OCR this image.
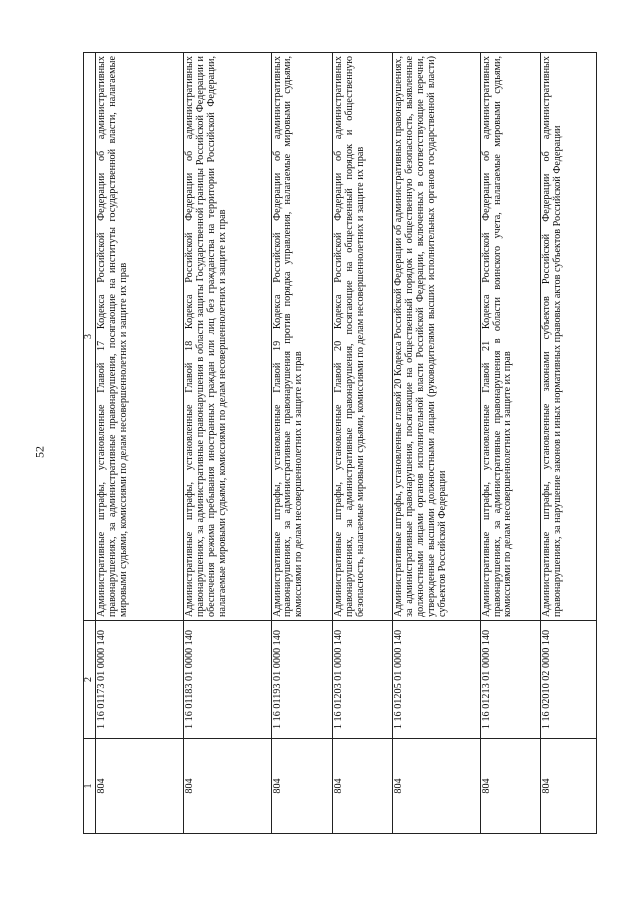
52
1	2	3
804	1 16 01173 01 0000 140	Административные штрафы, установленные Главой 17 Кодекса Российской Федерации об административных правонарушениях, за административные правонарушения, посягающие на институты государственной власти, налагаемые мировыми судьями, комиссиями по делам несовершеннолетних и защите их прав
804	1 16 01183 01 0000 140	Административные штрафы, установленные Главой 18 Кодекса Российской Федерации об административных правонарушениях, за административные правонарушения в области защиты Государственной границы Российской Федерации и обеспечения режима пребывания иностранных граждан или лиц без гражданства на территории Российской Федерации, налагаемые мировыми судьями, комиссиями по делам несовершеннолетних и защите их прав
804	1 16 01193 01 0000 140	Административные штрафы, установленные Главой 19 Кодекса Российской Федерации об административных правонарушениях, за административные правонарушения против порядка управления, налагаемые мировыми судьями, комиссиями по делам несовершеннолетних и защите их прав
804	1 16 01203 01 0000 140	Административные штрафы, установленные Главой 20 Кодекса Российской Федерации об административных правонарушениях, за административные правонарушения, посягающие на общественный порядок и общественную безопасность, налагаемые мировыми судьями, комиссиями по делам несовершеннолетних и защите их прав
804	1 16 01205 01 0000 140	Административные штрафы, установленные главой 20 Кодекса Российской Федерации об административных правонарушениях, за административные правонарушения, посягающие на общественный порядок и общественную безопасность, выявленные должностными лицами органов исполнительной власти Российской Федерации, включенных в соответствующие перечни, утвержденные высшими должностными лицами (руководителями высших исполнительных органов государственной власти) субъектов Российской Федерации
804	1 16 01213 01 0000 140	Административные штрафы, установленные Главой 21 Кодекса Российской Федерации об административных правонарушениях, за административные правонарушения в области воинского учета, налагаемые мировыми судьями, комиссиями по делам несовершеннолетних и защите их прав
804	1 16 02010 02 0000 140	Административные штрафы, установленные законами субъектов Российской Федерации об административных правонарушениях, за нарушение законов и иных нормативных правовых актов субъектов Российской Федерации
